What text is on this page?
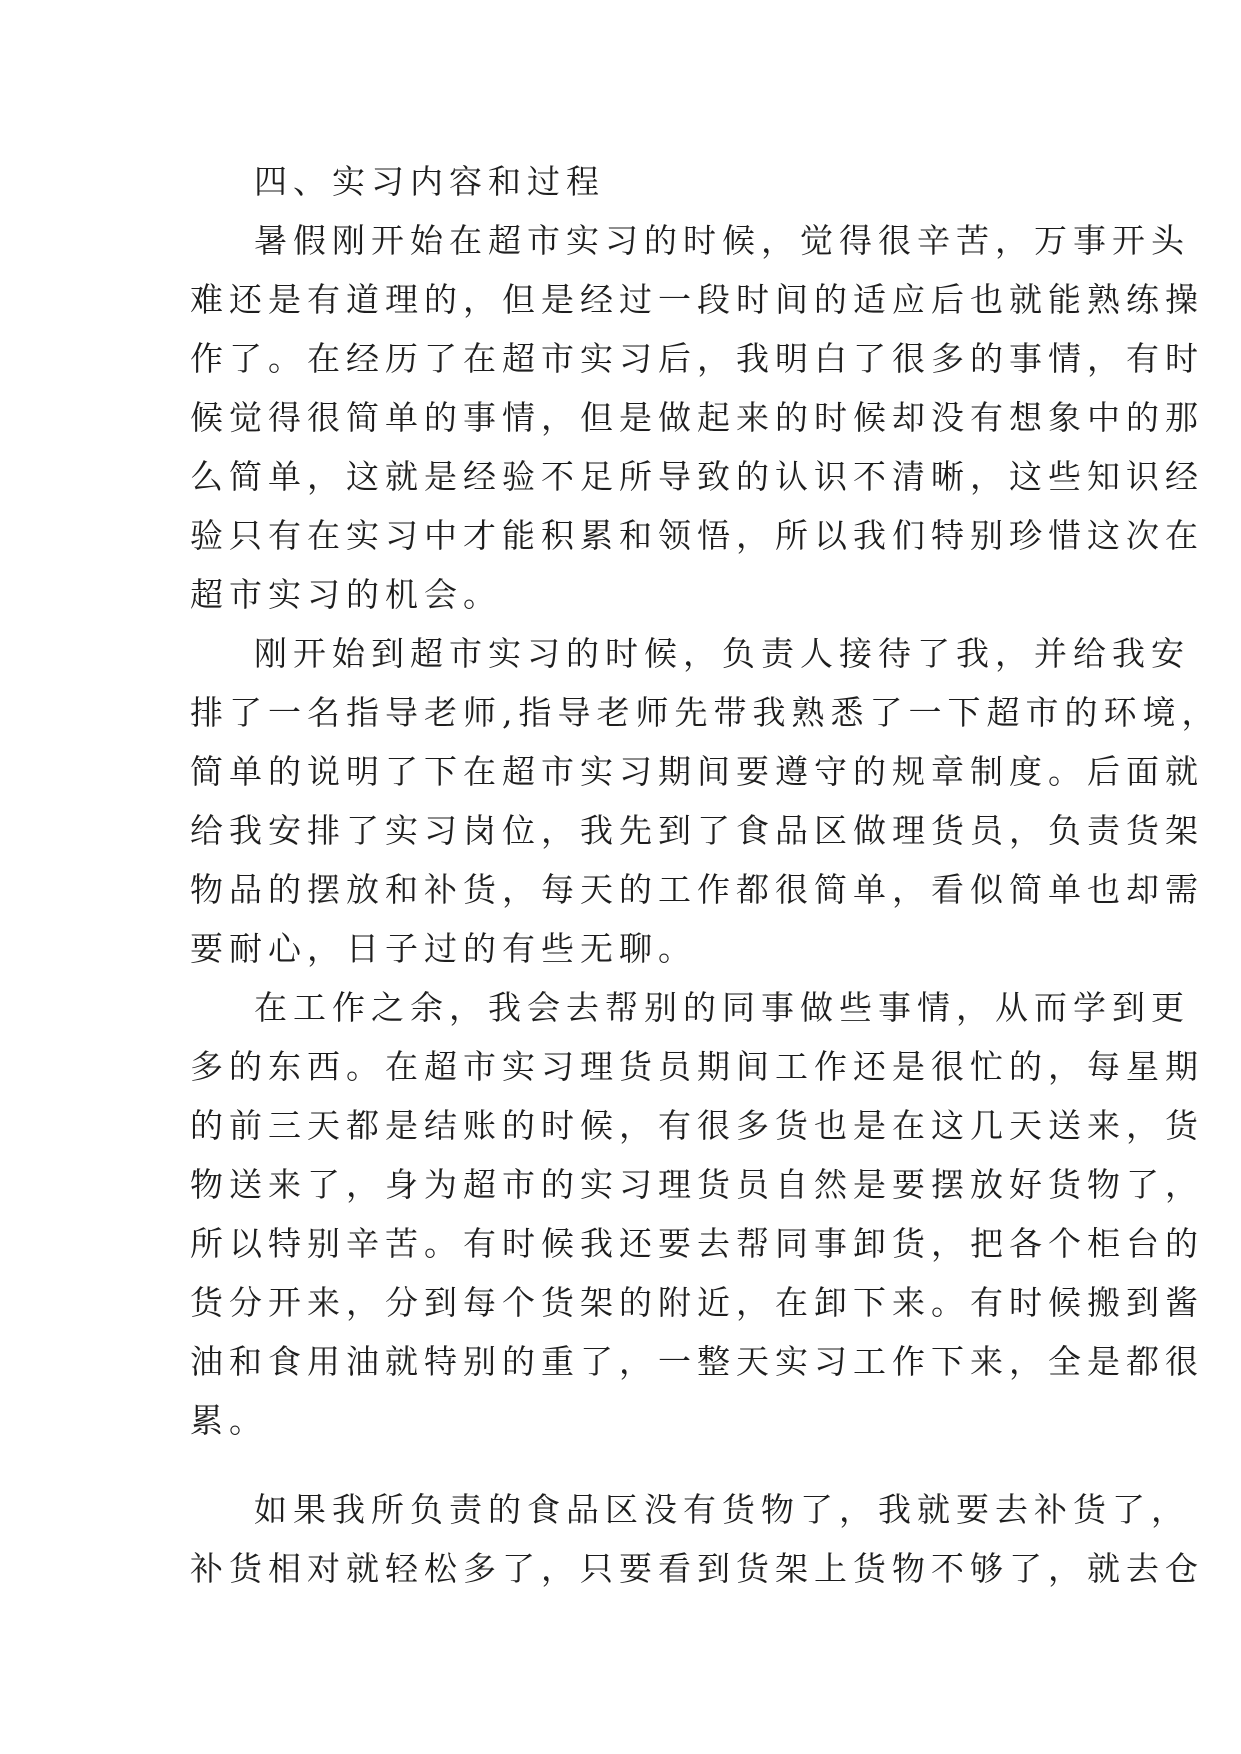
四、实习内容和过程
暑假刚开始在超市实习的时候，觉得很辛苦，万事开头
难还是有道理的，但是经过一段时间的适应后也就能熟练操
作了。在经历了在超市实习后，我明白了很多的事情，有时
候觉得很简单的事情，但是做起来的时候却没有想象中的那
么简单，这就是经验不足所导致的认识不清晰，这些知识经
验只有在实习中才能积累和领悟，所以我们特别珍惜这次在
超市实习的机会。
刚开始到超市实习的时候，负责人接待了我，并给我安
排了一名指导老师,指导老师先带我熟悉了一下超市的环境，
简单的说明了下在超市实习期间要遵守的规章制度。后面就
给我安排了实习岗位，我先到了食品区做理货员，负责货架
物品的摆放和补货，每天的工作都很简单，看似简单也却需
要耐心，日子过的有些无聊。
在工作之余，我会去帮别的同事做些事情，从而学到更
多的东西。在超市实习理货员期间工作还是很忙的，每星期
的前三天都是结账的时候，有很多货也是在这几天送来，货
物送来了，身为超市的实习理货员自然是要摆放好货物了，
所以特别辛苦。有时候我还要去帮同事卸货，把各个柜台的
货分开来，分到每个货架的附近，在卸下来。有时候搬到酱
油和食用油就特别的重了，一整天实习工作下来，全是都很
累。
如果我所负责的食品区没有货物了，我就要去补货了，
补货相对就轻松多了，只要看到货架上货物不够了，就去仓
